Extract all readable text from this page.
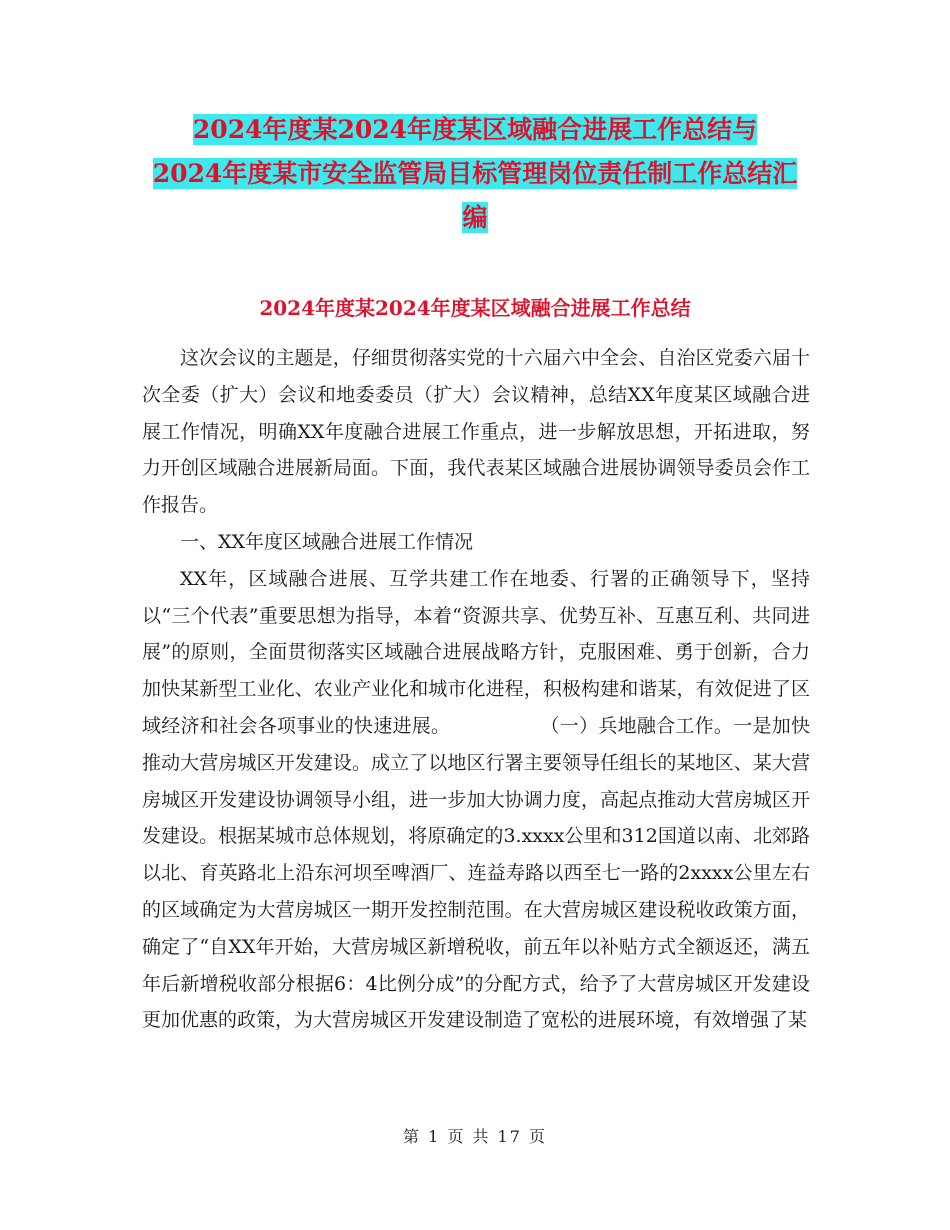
2024年度某2024年度某区域融合进展工作总结与
2024年度某市安全监管局目标管理岗位责任制工作总结汇
编
2024年度某2024年度某区域融合进展工作总结

这次会议的主题是，仔细贯彻落实党的十六届六中全会、自治区党委六届十次全委（扩大）会议和地委委员（扩大）会议精神，总结XX年度某区域融合进展工作情况，明确XX年度融合进展工作重点，进一步解放思想，开拓进取，努力开创区域融合进展新局面。下面，我代表某区域融合进展协调领导委员会作工作报告。

一、XX年度区域融合进展工作情况

XX年，区域融合进展、互学共建工作在地委、行署的正确领导下，坚持以“三个代表”重要思想为指导，本着“资源共享、优势互补、互惠互利、共同进展”的原则，全面贯彻落实区域融合进展战略方针，克服困难、勇于创新，合力加快某新型工业化、农业产业化和城市化进程，积极构建和谐某，有效促进了区域经济和社会各项事业的快速进展。	（一）兵地融合工作。一是加快推动大营房城区开发建设。成立了以地区行署主要领导任组长的某地区、某大营房城区开发建设协调领导小组，进一步加大协调力度，高起点推动大营房城区开发建设。根据某城市总体规划，将原确定的3.xxxx公里和312国道以南、北郊路以北、育英路北上沿东河坝至啤酒厂、连益寿路以西至七一路的2xxxx公里左右的区域确定为大营房城区一期开发控制范围。在大营房城区建设税收政策方面，确定了“自XX年开始，大营房城区新增税收，前五年以补贴方式全额返还，满五年后新增税收部分根据6：4比例分成”的分配方式，给予了大营房城区开发建设更加优惠的政策，为大营房城区开发建设制造了宽松的进展环境，有效增强了某

第 1 页 共 17 页
